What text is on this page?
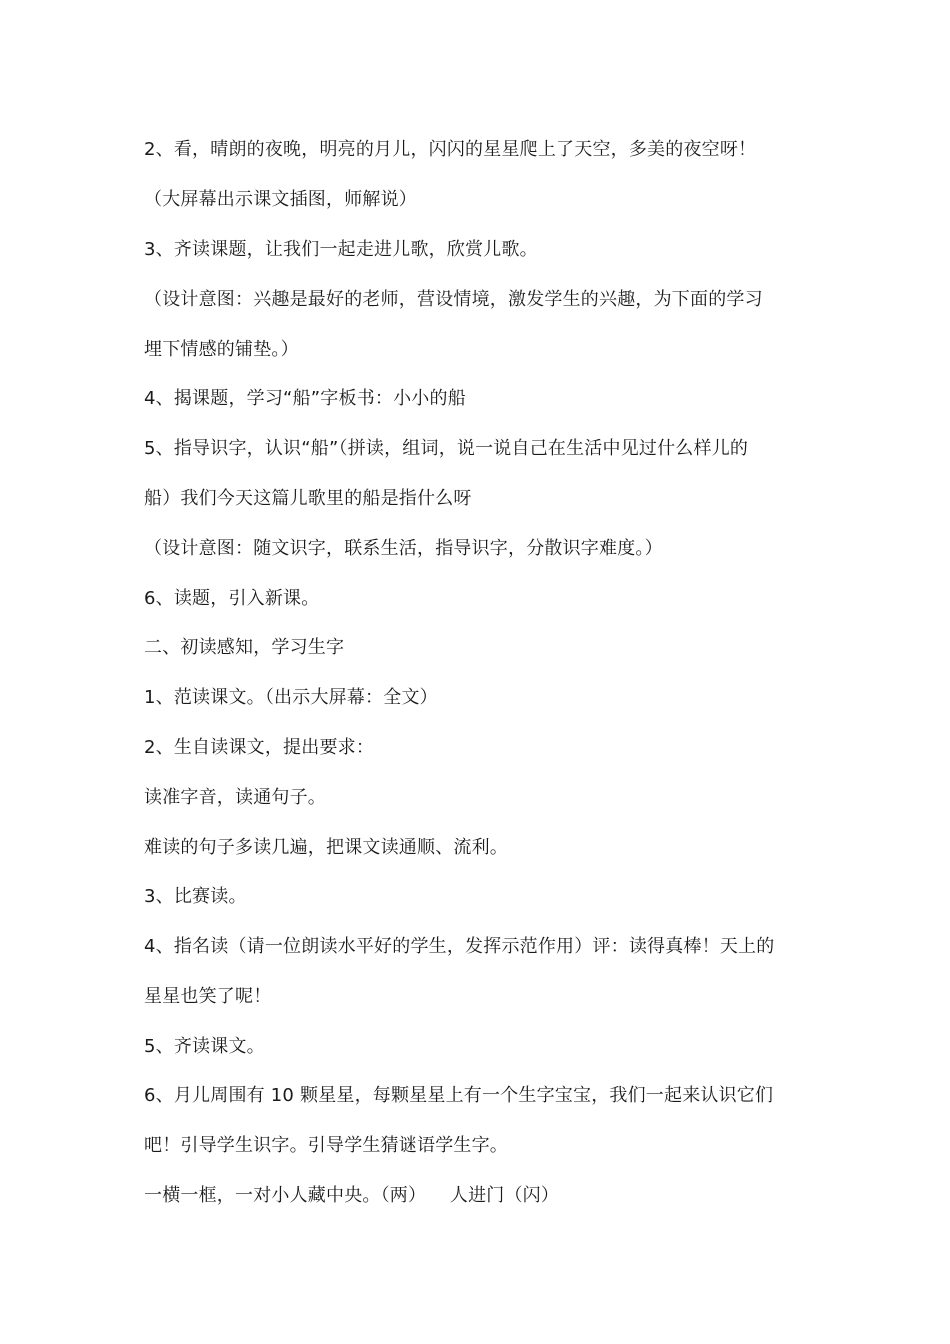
2、看，晴朗的夜晚，明亮的月儿，闪闪的星星爬上了天空，多美的夜空呀！
（大屏幕出示课文插图，师解说）
3、齐读课题，让我们一起走进儿歌，欣赏儿歌。
（设计意图：兴趣是最好的老师，营设情境，激发学生的兴趣，为下面的学习
埋下情感的铺垫。）
4、揭课题，学习“船”字板书：小小的船
5、指导识字，认识“船”（拼读，组词，说一说自己在生活中见过什么样儿的
船）我们今天这篇儿歌里的船是指什么呀
（设计意图：随文识字，联系生活，指导识字，分散识字难度。）
6、读题，引入新课。
二、初读感知，学习生字
1、范读课文。（出示大屏幕：全文）
2、生自读课文，提出要求：
读准字音，读通句子。
难读的句子多读几遍，把课文读通顺、流利。
3、比赛读。
4、指名读（请一位朗读水平好的学生，发挥示范作用）评：读得真棒！天上的
星星也笑了呢！
5、齐读课文。
6、月儿周围有 10 颗星星，每颗星星上有一个生字宝宝，我们一起来认识它们
吧！引导学生识字。引导学生猜谜语学生字。
一横一框，一对小人藏中央。（两）    人进门（闪）
